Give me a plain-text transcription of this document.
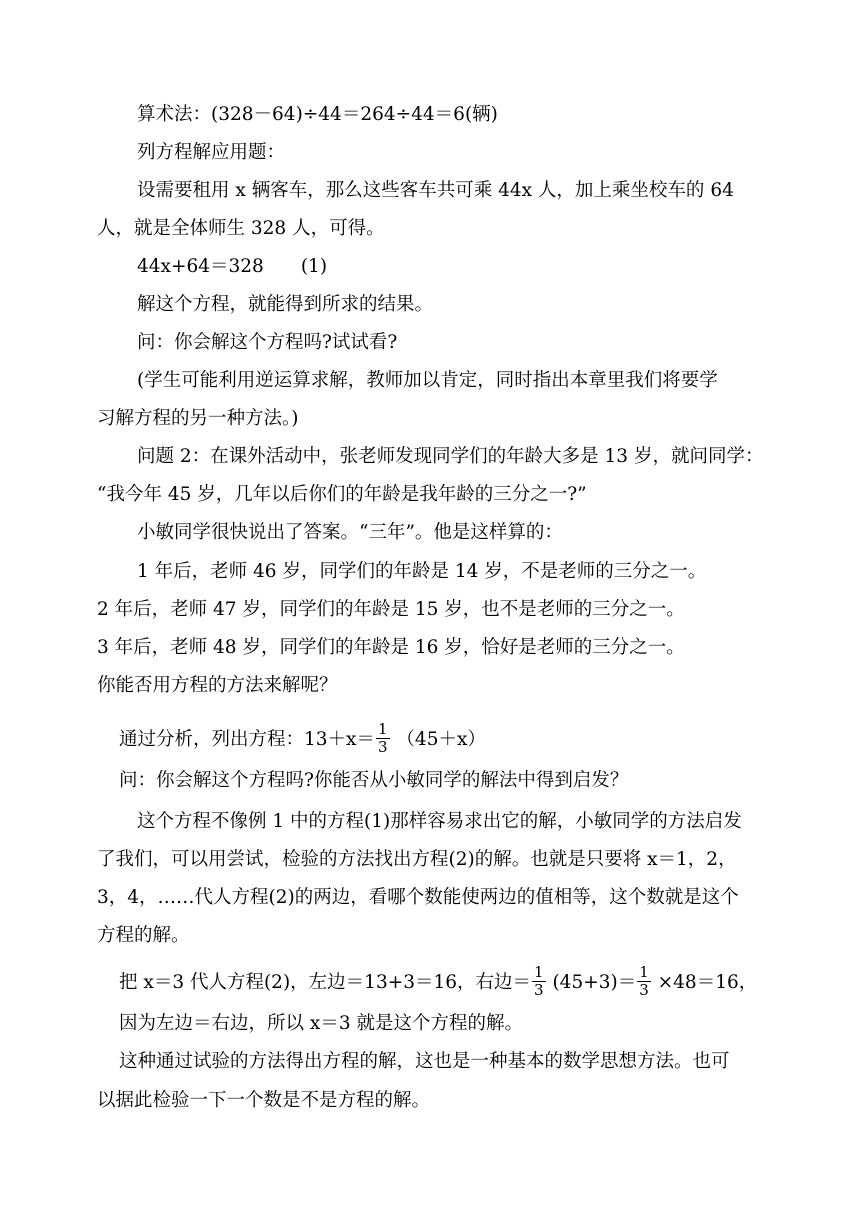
算术法：(328－64)÷44＝264÷44＝6(辆)
列方程解应用题：
设需要租用 x 辆客车，那么这些客车共可乘 44x 人，加上乘坐校车的 64
人，就是全体师生 328 人，可得。
44x+64＝328　　(1)
解这个方程，就能得到所求的结果。
问：你会解这个方程吗?试试看?
(学生可能利用逆运算求解，教师加以肯定，同时指出本章里我们将要学
习解方程的另一种方法。)
问题 2：在课外活动中，张老师发现同学们的年龄大多是 13 岁，就问同学：
“我今年 45 岁，几年以后你们的年龄是我年龄的三分之一?”
小敏同学很快说出了答案。“三年”。他是这样算的：
1 年后，老师 46 岁，同学们的年龄是 14 岁，不是老师的三分之一。
2 年后，老师 47 岁，同学们的年龄是 15 岁，也不是老师的三分之一。
3 年后，老师 48 岁，同学们的年龄是 16 岁，恰好是老师的三分之一。
你能否用方程的方法来解呢？
通过分析，列出方程：$13+x= \frac{1}{3} (45+x)$
问：你会解这个方程吗?你能否从小敏同学的解法中得到启发？
这个方程不像例 1 中的方程(1)那样容易求出它的解，小敏同学的方法启发
了我们，可以用尝试，检验的方法找出方程(2)的解。也就是只要将 x＝1，2，
3，4，……代人方程(2)的两边，看哪个数能使两边的值相等，这个数就是这个
方程的解。
把 x＝3 代人方程(2)，左边＝13+3＝16，右边＝ $\frac{1}{3} (45+3)= \frac{1}{3} \times 48=16$，
因为左边＝右边，所以 x＝3 就是这个方程的解。
这种通过试验的方法得出方程的解，这也是一种基本的数学思想方法。也可
以据此检验一下一个数是不是方程的解。
